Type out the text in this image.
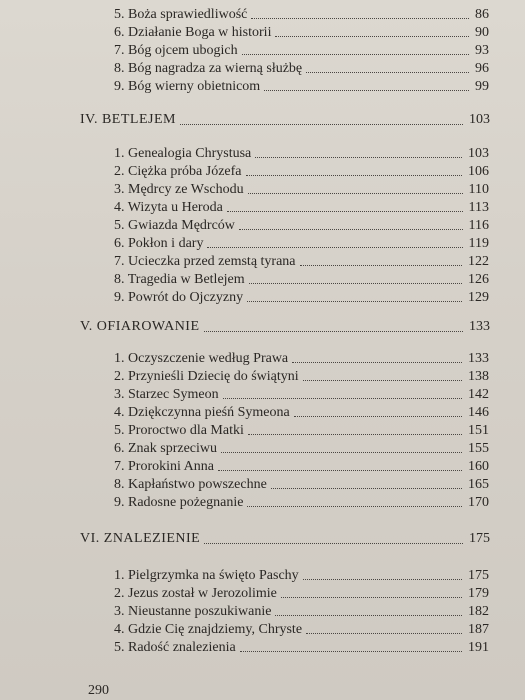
5. Boża sprawiedliwość	86
6. Działanie Boga w historii	90
7. Bóg ojcem ubogich	93
8. Bóg nagradza za wierną służbę	96
9. Bóg wierny obietnicom	99
IV. BETLEJEM	103
1. Genealogia Chrystusa	103
2. Ciężka próba Józefa	106
3. Mędrcy ze Wschodu	110
4. Wizyta u Heroda	113
5. Gwiazda Mędrców	116
6. Pokłon i dary	119
7. Ucieczka przed zemstą tyrana	122
8. Tragedia w Betlejem	126
9. Powrót do Ojczyzny	129
V. OFIAROWANIE	133
1. Oczyszczenie według Prawa	133
2. Przynieśli Dziecię do świątyni	138
3. Starzec Symeon	142
4. Dziękczynna pieśń Symeona	146
5. Proroctwo dla Matki	151
6. Znak sprzeciwu	155
7. Prorokini Anna	160
8. Kapłaństwo powszechne	165
9. Radosne pożegnanie	170
VI. ZNALEZIENIE	175
1. Pielgrzymka na święto Paschy	175
2. Jezus został w Jerozolimie	179
3. Nieustanne poszukiwanie	182
4. Gdzie Cię znajdziemy, Chryste	187
5. Radość znalezienia	191
290
